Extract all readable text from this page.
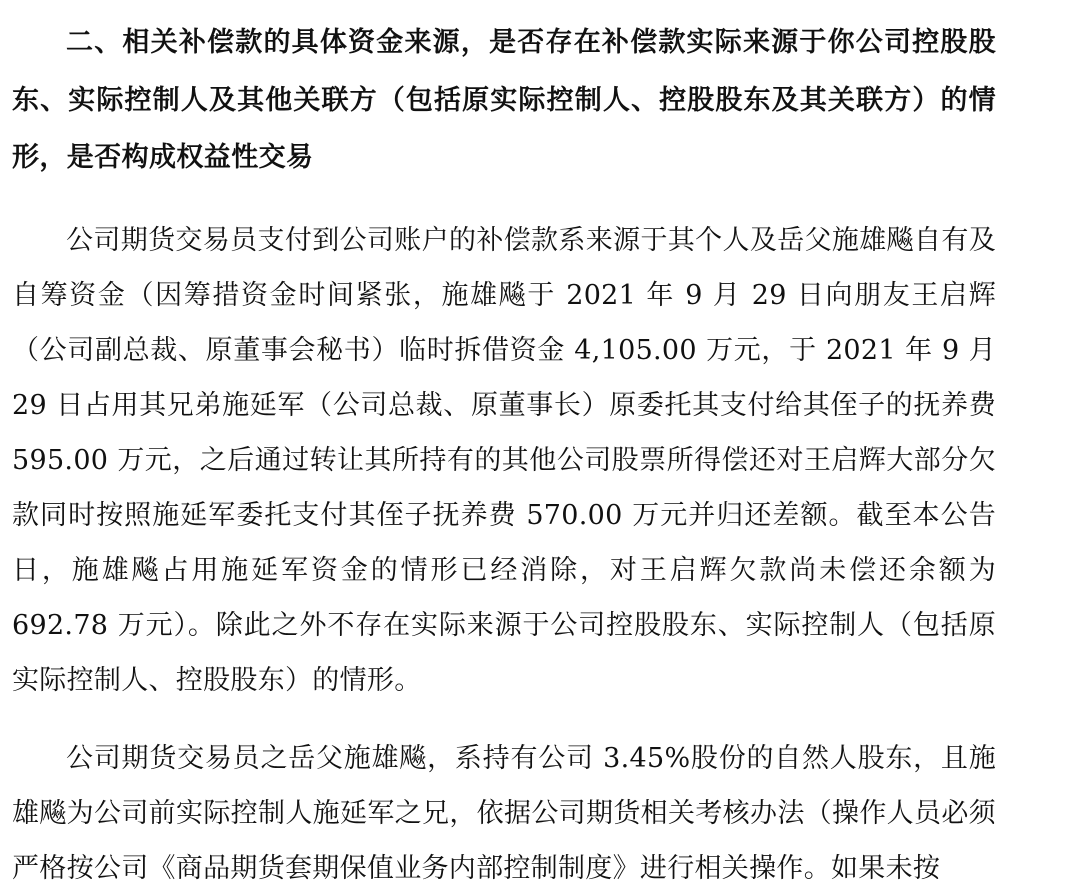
二、相关补偿款的具体资金来源，是否存在补偿款实际来源于你公司控股股东、实际控制人及其他关联方（包括原实际控制人、控股股东及其关联方）的情形，是否构成权益性交易

公司期货交易员支付到公司账户的补偿款系来源于其个人及岳父施雄飚自有及自筹资金（因筹措资金时间紧张，施雄飚于 2021 年 9 月 29 日向朋友王启辉（公司副总裁、原董事会秘书）临时拆借资金 4,105.00 万元，于 2021 年 9 月 29 日占用其兄弟施延军（公司总裁、原董事长）原委托其支付给其侄子的抚养费 595.00 万元，之后通过转让其所持有的其他公司股票所得偿还对王启辉大部分欠款同时按照施延军委托支付其侄子抚养费 570.00 万元并归还差额。截至本公告日，施雄飚占用施延军资金的情形已经消除，对王启辉欠款尚未偿还余额为 692.78 万元）。除此之外不存在实际来源于公司控股股东、实际控制人（包括原实际控制人、控股股东）的情形。

公司期货交易员之岳父施雄飚，系持有公司 3.45%股份的自然人股东，且施雄飚为公司前实际控制人施延军之兄，依据公司期货相关考核办法（操作人员必须严格按公司《商品期货套期保值业务内部控制制度》进行相关操作。如果未按
